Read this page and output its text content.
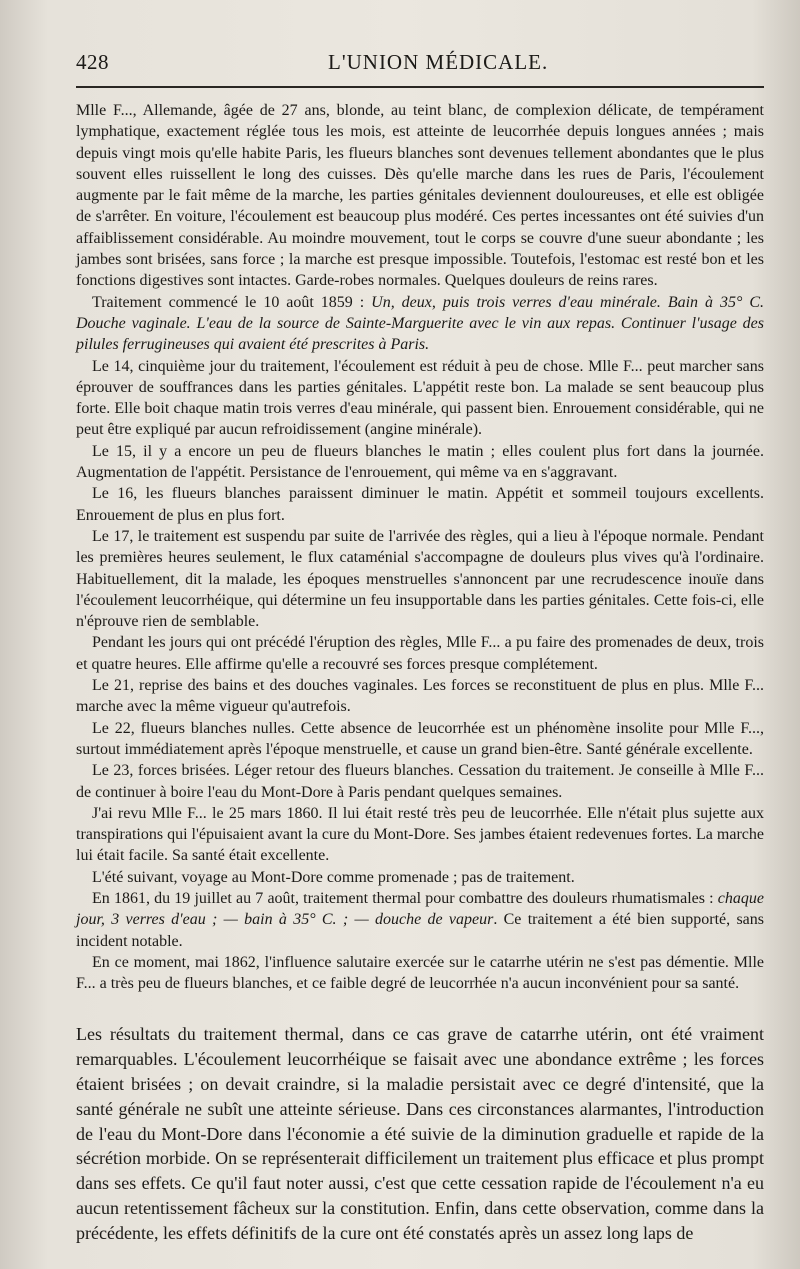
428	L'UNION MÉDICALE.

Mlle F..., Allemande, âgée de 27 ans, blonde, au teint blanc, de complexion délicate, de tempérament lymphatique, exactement réglée tous les mois, est atteinte de leucorrhée depuis longues années ; mais depuis vingt mois qu'elle habite Paris, les flueurs blanches sont devenues tellement abondantes que le plus souvent elles ruissellent le long des cuisses. Dès qu'elle marche dans les rues de Paris, l'écoulement augmente par le fait même de la marche, les parties génitales deviennent douloureuses, et elle est obligée de s'arrêter. En voiture, l'écoulement est beaucoup plus modéré. Ces pertes incessantes ont été suivies d'un affaiblissement considérable. Au moindre mouvement, tout le corps se couvre d'une sueur abondante ; les jambes sont brisées, sans force ; la marche est presque impossible. Toutefois, l'estomac est resté bon et les fonctions digestives sont intactes. Garde-robes normales. Quelques douleurs de reins rares.

Traitement commencé le 10 août 1859 : Un, deux, puis trois verres d'eau minérale. Bain à 35° C. Douche vaginale. L'eau de la source de Sainte-Marguerite avec le vin aux repas. Continuer l'usage des pilules ferrugineuses qui avaient été prescrites à Paris.

Le 14, cinquième jour du traitement, l'écoulement est réduit à peu de chose. Mlle F... peut marcher sans éprouver de souffrances dans les parties génitales. L'appétit reste bon. La malade se sent beaucoup plus forte. Elle boit chaque matin trois verres d'eau minérale, qui passent bien. Enrouement considérable, qui ne peut être expliqué par aucun refroidissement (angine minérale).

Le 15, il y a encore un peu de flueurs blanches le matin ; elles coulent plus fort dans la journée. Augmentation de l'appétit. Persistance de l'enrouement, qui même va en s'aggravant.

Le 16, les flueurs blanches paraissent diminuer le matin. Appétit et sommeil toujours excellents. Enrouement de plus en plus fort.

Le 17, le traitement est suspendu par suite de l'arrivée des règles, qui a lieu à l'époque normale. Pendant les premières heures seulement, le flux cataménial s'accompagne de douleurs plus vives qu'à l'ordinaire. Habituellement, dit la malade, les époques menstruelles s'annoncent par une recrudescence inouïe dans l'écoulement leucorrhéique, qui détermine un feu insupportable dans les parties génitales. Cette fois-ci, elle n'éprouve rien de semblable.

Pendant les jours qui ont précédé l'éruption des règles, Mlle F... a pu faire des promenades de deux, trois et quatre heures. Elle affirme qu'elle a recouvré ses forces presque complétement.

Le 21, reprise des bains et des douches vaginales. Les forces se reconstituent de plus en plus. Mlle F... marche avec la même vigueur qu'autrefois.

Le 22, flueurs blanches nulles. Cette absence de leucorrhée est un phénomène insolite pour Mlle F..., surtout immédiatement après l'époque menstruelle, et cause un grand bien-être. Santé générale excellente.

Le 23, forces brisées. Léger retour des flueurs blanches. Cessation du traitement. Je conseille à Mlle F... de continuer à boire l'eau du Mont-Dore à Paris pendant quelques semaines.

J'ai revu Mlle F... le 25 mars 1860. Il lui était resté très peu de leucorrhée. Elle n'était plus sujette aux transpirations qui l'épuisaient avant la cure du Mont-Dore. Ses jambes étaient redevenues fortes. La marche lui était facile. Sa santé était excellente.

L'été suivant, voyage au Mont-Dore comme promenade ; pas de traitement.

En 1861, du 19 juillet au 7 août, traitement thermal pour combattre des douleurs rhumatismales : chaque jour, 3 verres d'eau ; — bain à 35° C. ; — douche de vapeur. Ce traitement a été bien supporté, sans incident notable.

En ce moment, mai 1862, l'influence salutaire exercée sur le catarrhe utérin ne s'est pas démentie. Mlle F... a très peu de flueurs blanches, et ce faible degré de leucorrhée n'a aucun inconvénient pour sa santé.

Les résultats du traitement thermal, dans ce cas grave de catarrhe utérin, ont été vraiment remarquables. L'écoulement leucorrhéique se faisait avec une abondance extrême ; les forces étaient brisées ; on devait craindre, si la maladie persistait avec ce degré d'intensité, que la santé générale ne subît une atteinte sérieuse. Dans ces circonstances alarmantes, l'introduction de l'eau du Mont-Dore dans l'économie a été suivie de la diminution graduelle et rapide de la sécrétion morbide. On se représenterait difficilement un traitement plus efficace et plus prompt dans ses effets. Ce qu'il faut noter aussi, c'est que cette cessation rapide de l'écoulement n'a eu aucun retentissement fâcheux sur la constitution. Enfin, dans cette observation, comme dans la précédente, les effets définitifs de la cure ont été constatés après un assez long laps de
